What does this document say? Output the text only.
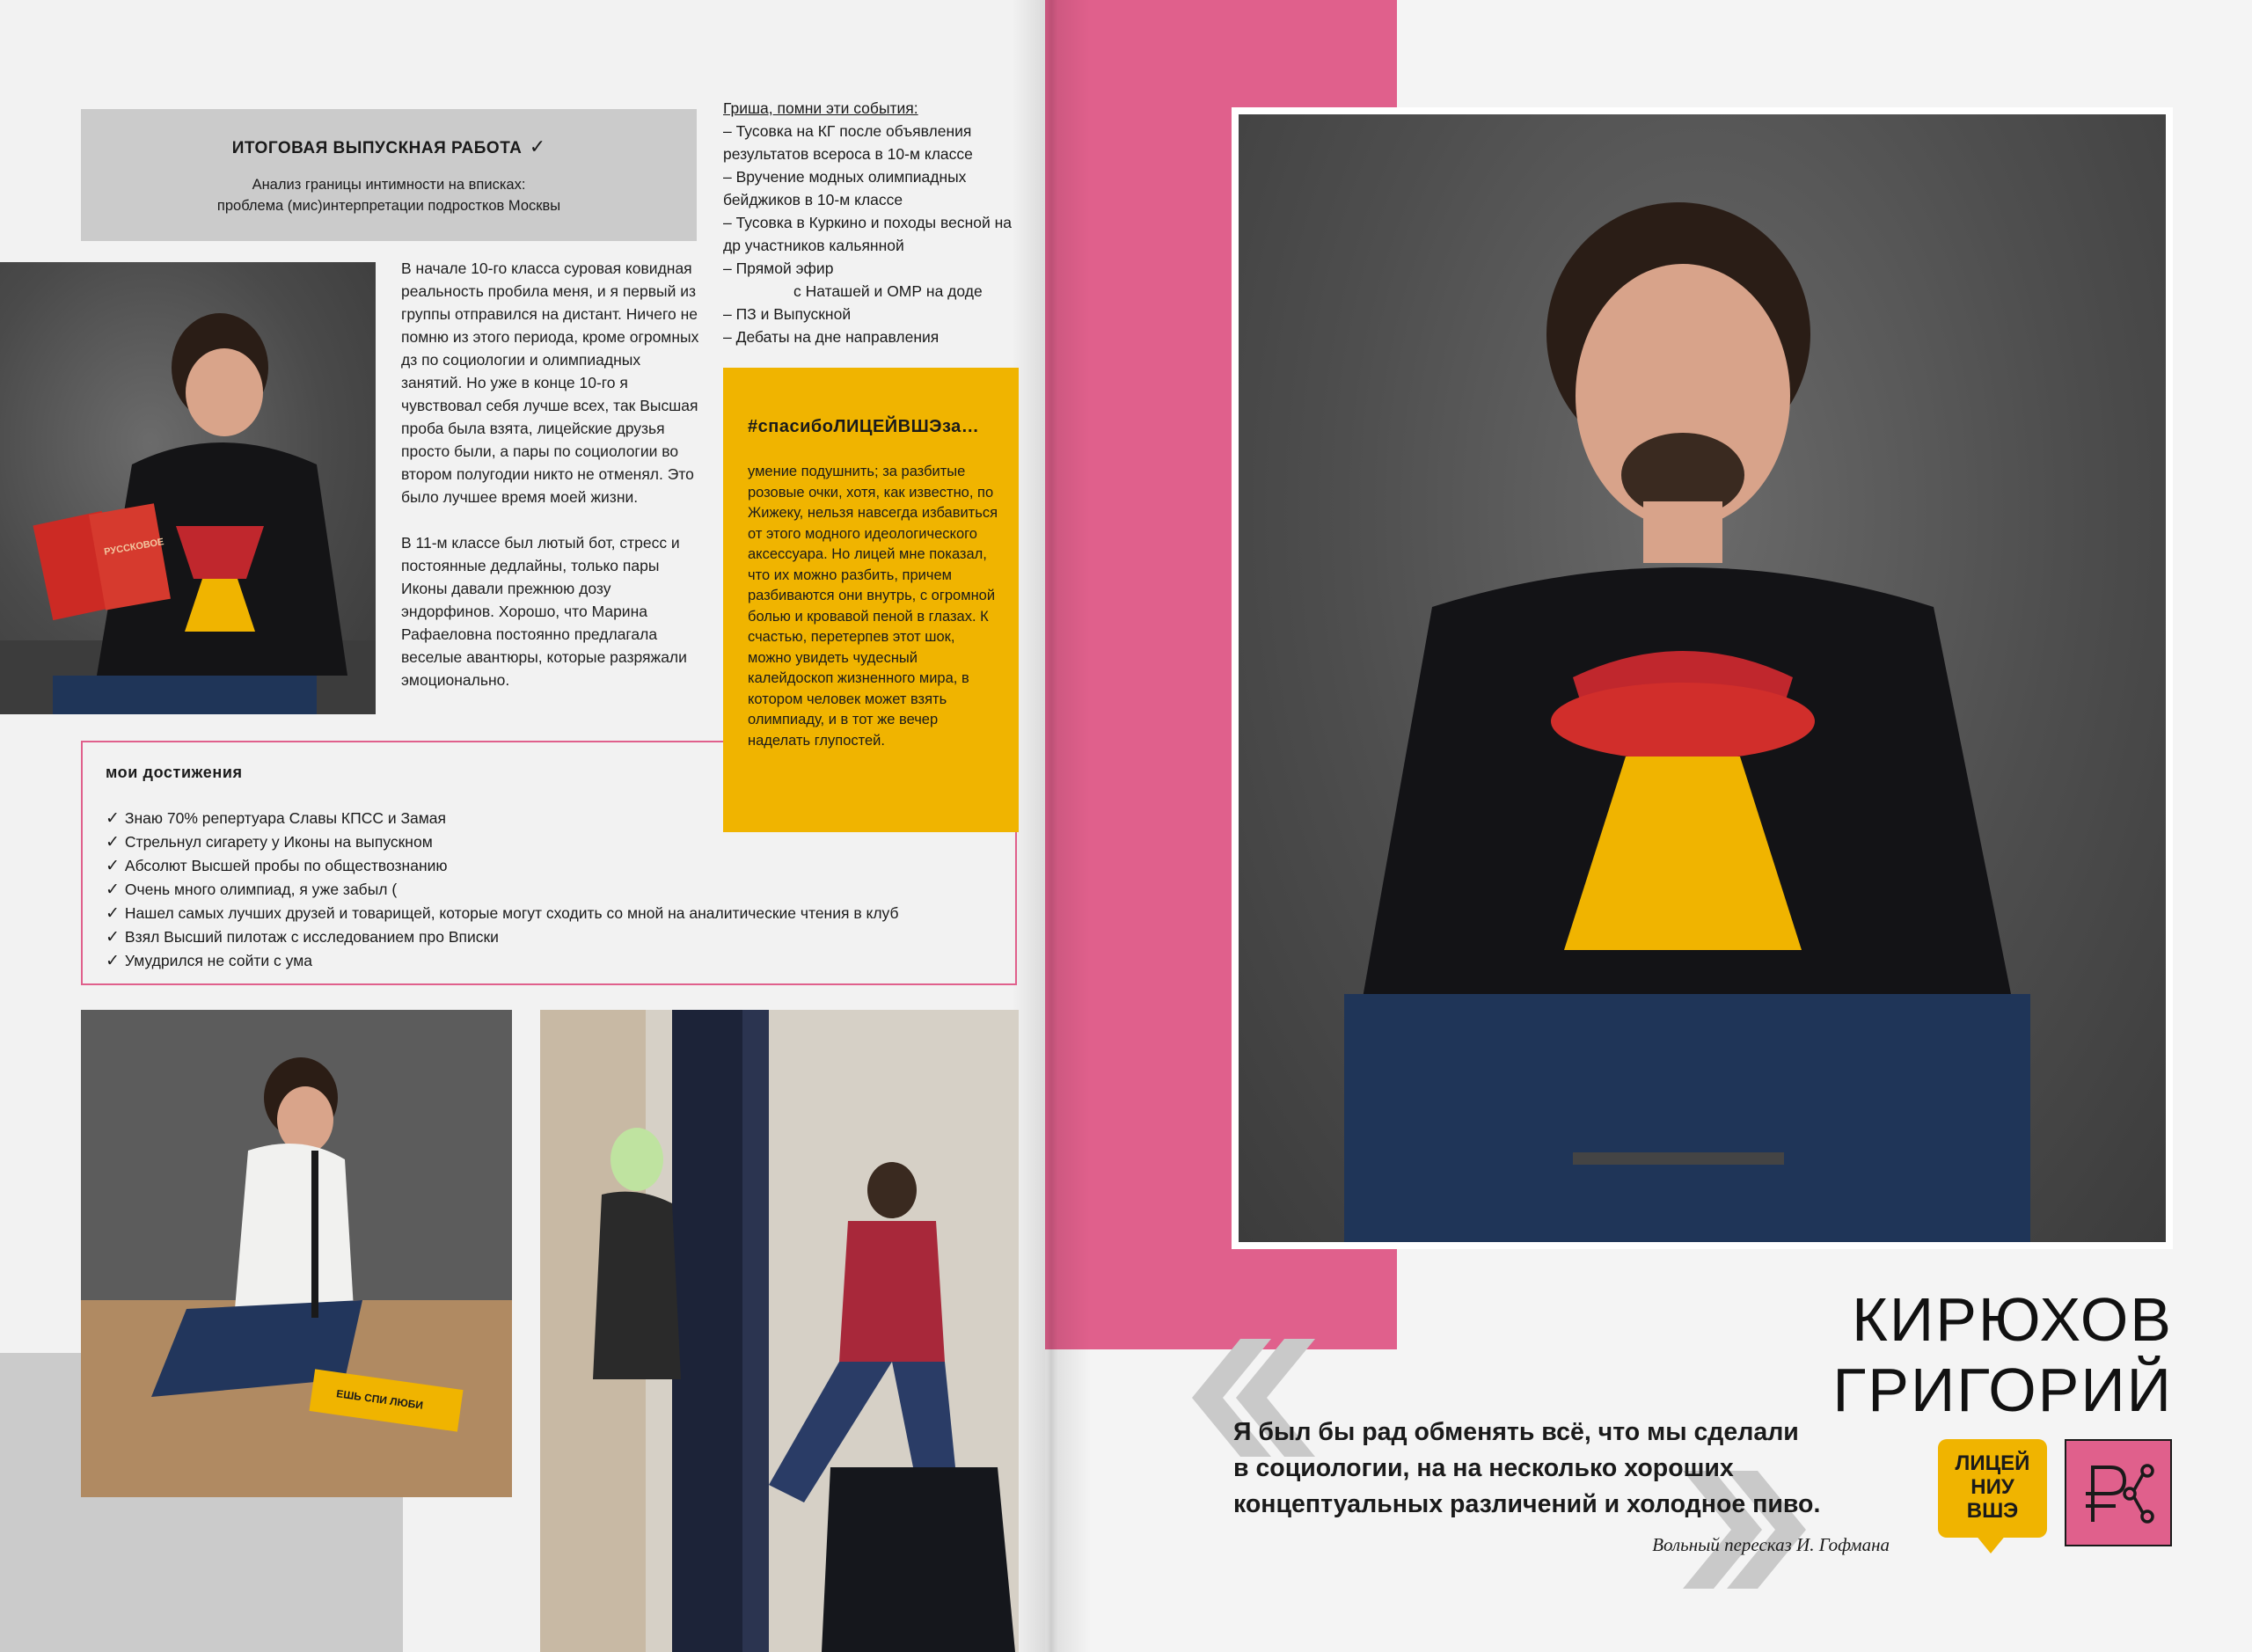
ИТОГОВАЯ ВЫПУСКНАЯ РАБОТА ✓
Анализ границы интимности на вписках:
проблема (мис)интерпретации подростков Москвы
РУССКОВОЕ

В начале 10-го класса суровая ковидная реальность пробила меня, и я первый из группы отправился на дистант. Ничего не помню из этого периода, кроме огромных дз по социологии и олимпиадных занятий. Но уже в конце 10-го я чувствовал себя лучше всех, так Высшая проба была взята, лицейские друзья просто были, а пары по социологии во втором полугодии никто не отменял. Это было лучшее время моей жизни.

В 11-м классе был лютый бот, стресс и постоянные дедлайны, только пары Иконы давали прежнюю дозу эндорфинов. Хорошо, что Марина Рафаеловна постоянно предлагала веселые авантюры, которые разряжали эмоционально.

Гриша, помни эти события:
– Тусовка на КГ после объявления результатов всероса в 10-м классе
– Вручение модных олимпиадных бейджиков в 10-м классе
– Тусовка в Куркино и походы весной на др участников кальянной
– Прямой эфир
с Наташей и ОМР на доде
– ПЗ и Выпускной
– Дебаты на дне направления
мои достижения
✓ Знаю 70% репертуара Славы КПСС и Замая
✓ Стрельнул сигарету у Иконы на выпускном
✓ Абсолют Высшей пробы по обществознанию
✓ Очень много олимпиад, я уже забыл (
✓ Нашел самых лучших друзей и товарищей, которые могут сходить со мной на аналитические чтения в клуб
✓ Взял Высший пилотаж с исследованием про Вписки
✓ Умудрился не сойти с ума
#спасибоЛИЦЕЙВШЭза…
умение подушнить; за разбитые розовые очки, хотя, как известно, по Жижеку, нельзя навсегда избавиться от этого модного идеологического аксессуара. Но лицей мне показал, что их можно разбить, причем разбиваются они внутрь, с огромной болью и кровавой пеной в глазах. К счастью, перетерпев этот шок, можно увидеть чудесный калейдоскоп жизненного мира, в котором человек может взять олимпиаду, и в тот же вечер наделать глупостей.
ЕШЬ СПИ ЛЮБИ
КИРЮХОВ ГРИГОРИЙ
Я был бы рад обменять всё, что мы сделали
в социологии, на на несколько хороших
концептуальных различений и холодное пиво.
Вольный пересказ И. Гофмана
ЛИЦЕЙ
НИУ
ВШЭ
